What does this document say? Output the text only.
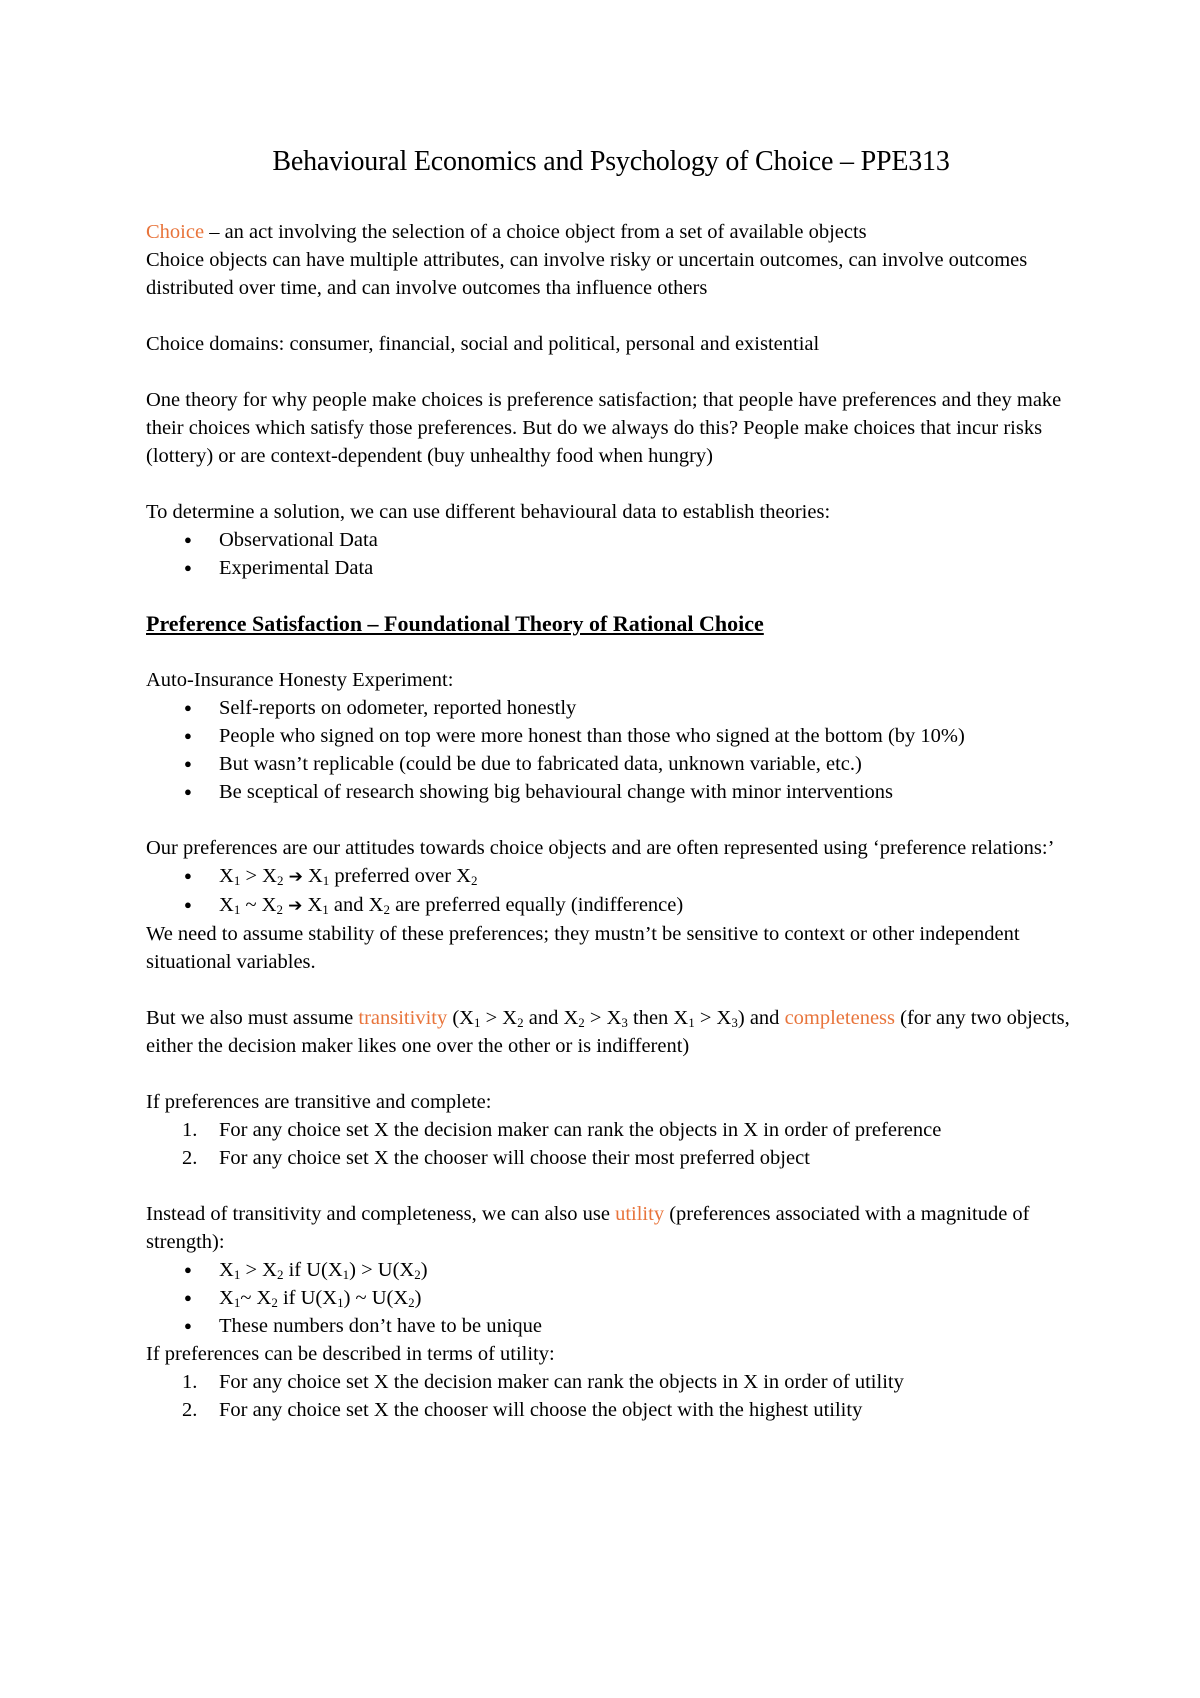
Behavioural Economics and Psychology of Choice – PPE313

Choice – an act involving the selection of a choice object from a set of available objects

Choice objects can have multiple attributes, can involve risky or uncertain outcomes, can involve outcomes distributed over time, and can involve outcomes tha influence others

Choice domains: consumer, financial, social and political, personal and existential

One theory for why people make choices is preference satisfaction; that people have preferences and they make their choices which satisfy those preferences. But do we always do this? People make choices that incur risks (lottery) or are context-dependent (buy unhealthy food when hungry)

To determine a solution, we can use different behavioural data to establish theories:

● Observational Data
● Experimental Data

Preference Satisfaction – Foundational Theory of Rational Choice

Auto-Insurance Honesty Experiment:

● Self-reports on odometer, reported honestly
● People who signed on top were more honest than those who signed at the bottom (by 10%)
● But wasn’t replicable (could be due to fabricated data, unknown variable, etc.)
● Be sceptical of research showing big behavioural change with minor interventions

Our preferences are our attitudes towards choice objects and are often represented using ‘preference relations:’

● $X_1 > X_2$ ➔ $X_1$ preferred over $X_2$
● $X_1$ ~ $X_2$ ➔ $X_1$ and $X_2$ are preferred equally (indifference)

We need to assume stability of these preferences; they mustn’t be sensitive to context or other independent situational variables.

But we also must assume transitivity ($X_1 > X_2$ and $X_2 > X_3$ then $X_1 > X_3$) and completeness (for any two objects, either the decision maker likes one over the other or is indifferent)

If preferences are transitive and complete:

1. For any choice set X the decision maker can rank the objects in X in order of preference
2. For any choice set X the chooser will choose their most preferred object

Instead of transitivity and completeness, we can also use utility (preferences associated with a magnitude of strength):

● $X_1 > X_2$ if $U(X_1) > U(X_2)$
● $X_1\sim$ $X_2$ if $U(X_1)$ ~ $U(X_2)$
● These numbers don’t have to be unique

If preferences can be described in terms of utility:

1. For any choice set X the decision maker can rank the objects in X in order of utility
2. For any choice set X the chooser will choose the object with the highest utility
